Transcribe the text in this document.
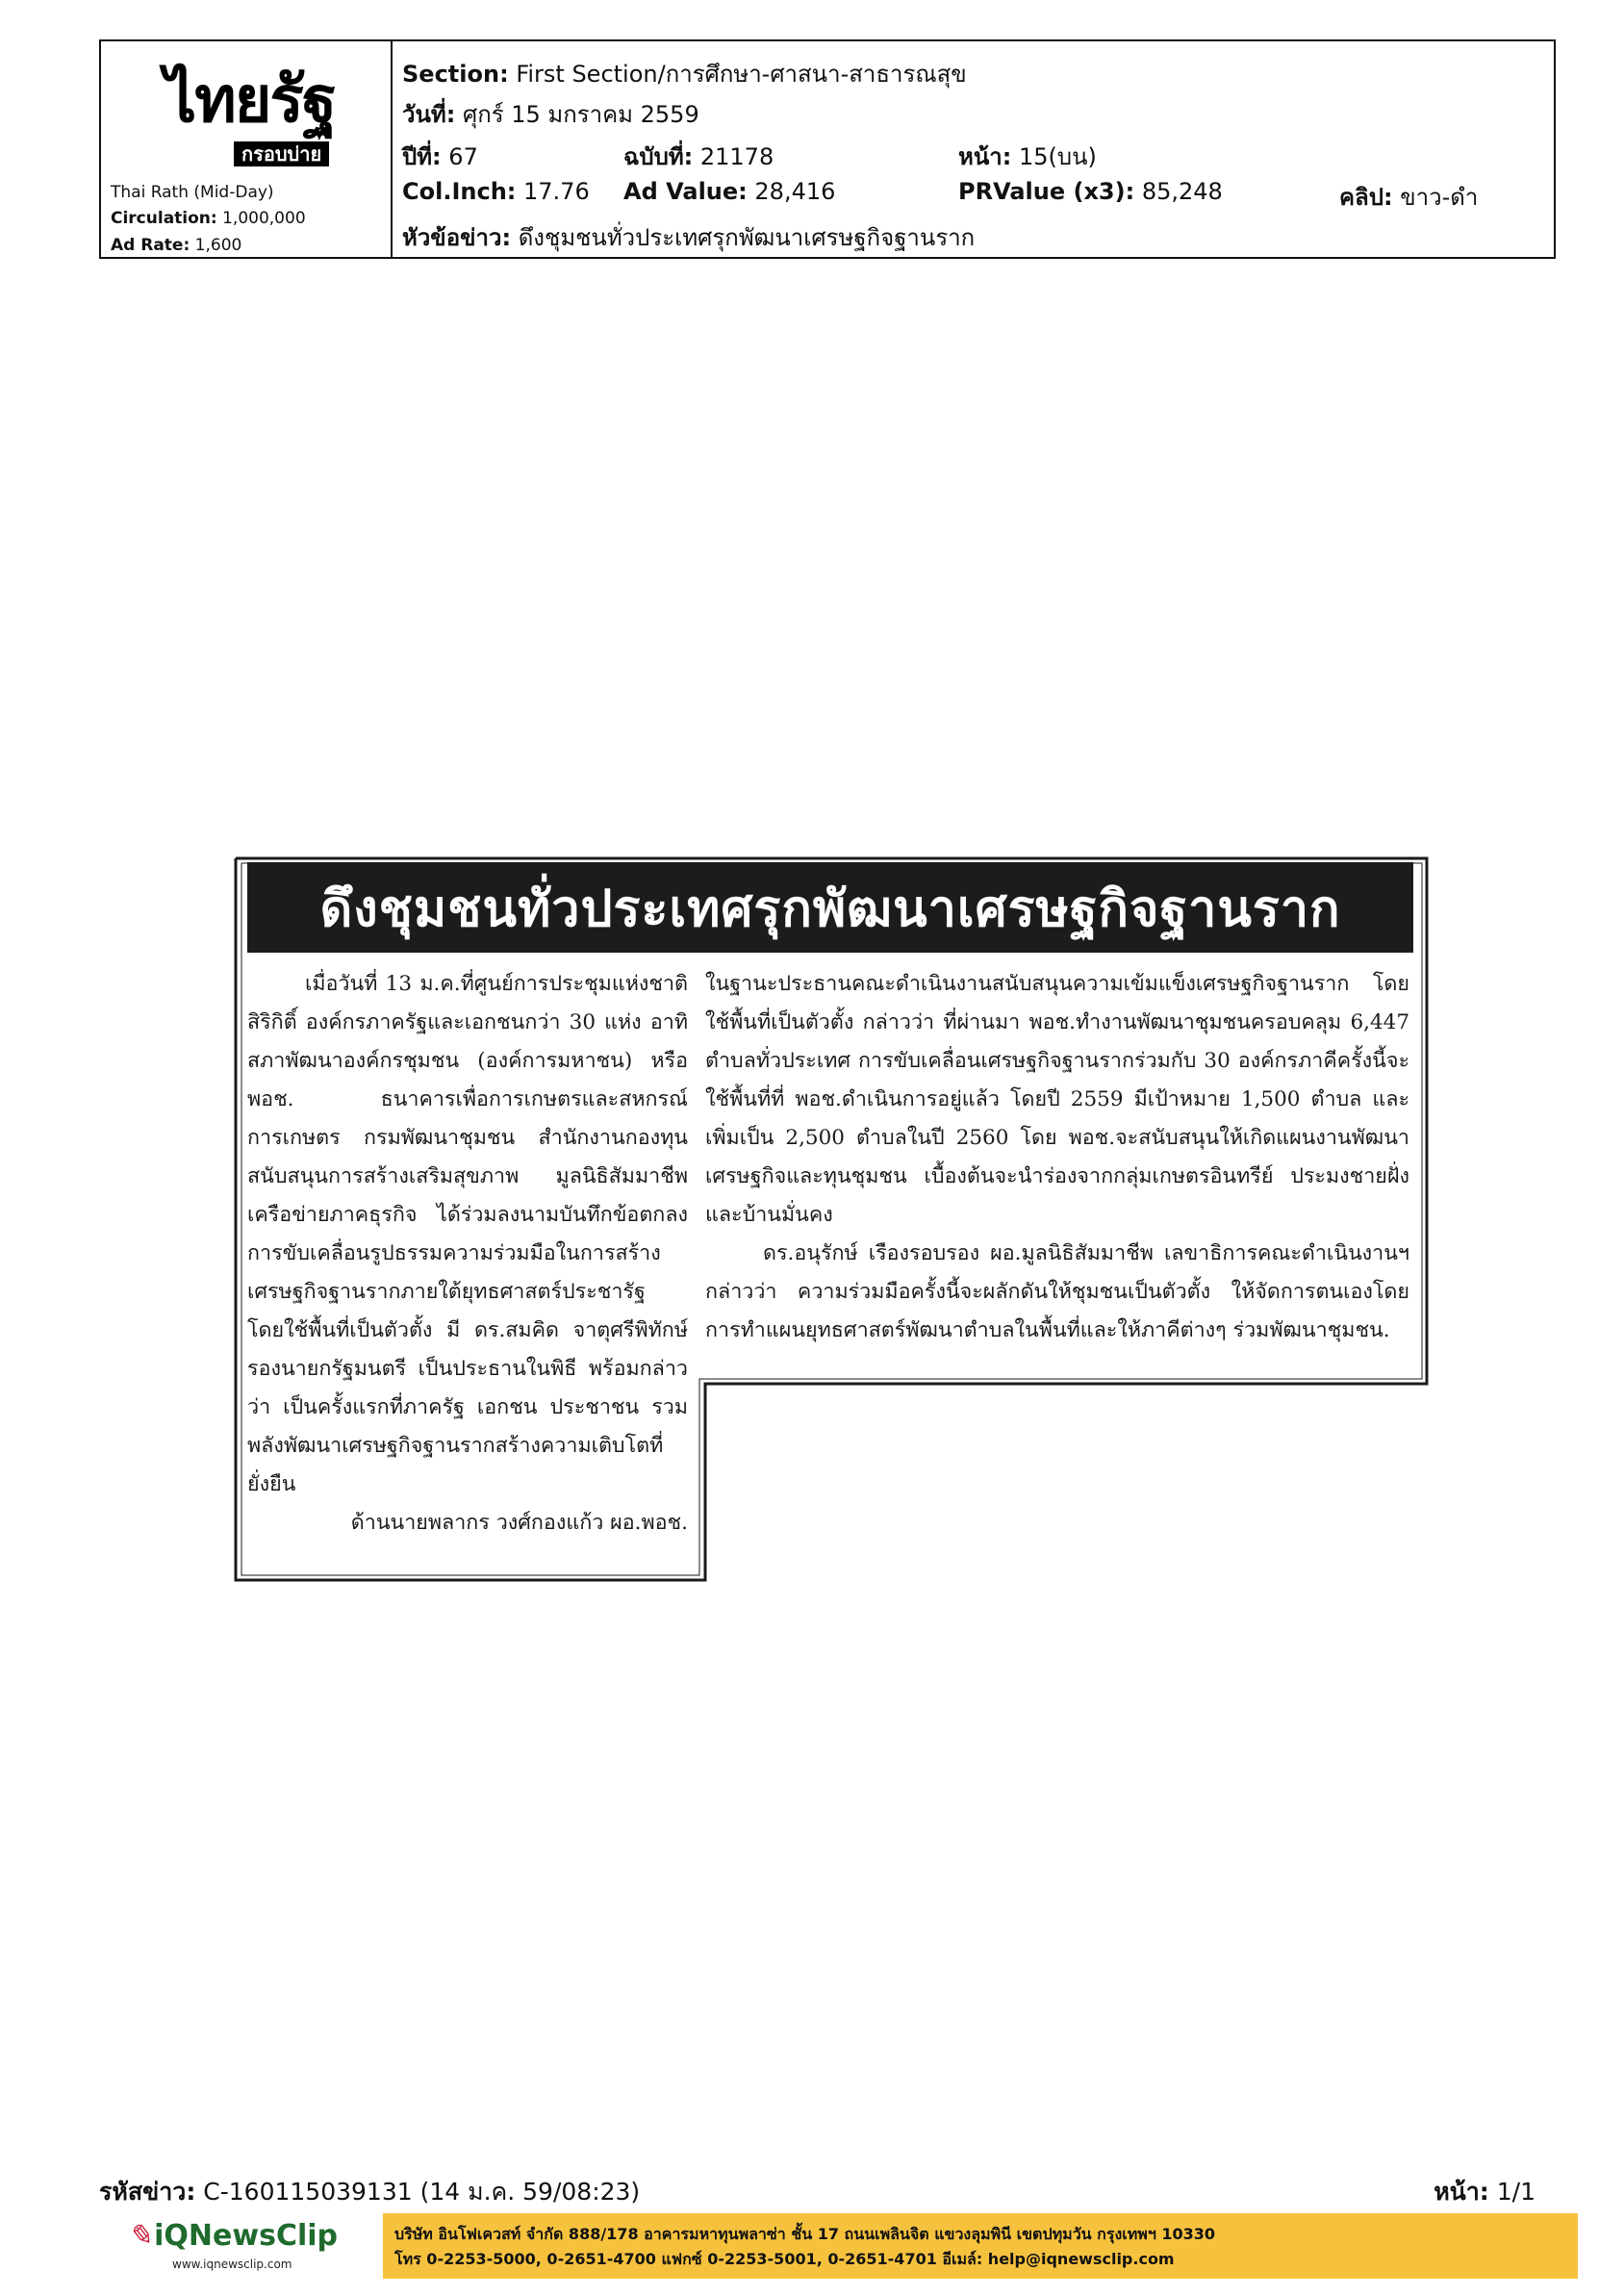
ไทยรัฐ
กรอบบ่าย
Thai Rath (Mid-Day)
Circulation: 1,000,000
Ad Rate: 1,600
Section: First Section/การศึกษา-ศาสนา-สาธารณสุข
วันที่: ศุกร์ 15 มกราคม 2559
ปีที่: 67	ฉบับที่: 21178	หน้า: 15(บน)
Col.Inch: 17.76 Ad Value: 28,416	PRValue (x3): 85,248	คลิป: ขาว-ดำ
หัวข้อข่าว: ดึงชุมชนทั่วประเทศรุกพัฒนาเศรษฐกิจฐานราก
ดึงชุมชนทั่วประเทศรุกพัฒนาเศรษฐกิจฐานราก

เมื่อวันที่ 13 ม.ค.ที่ศูนย์การประชุมแห่งชาติสิริกิติ์ องค์กรภาครัฐและเอกชนกว่า 30 แห่ง อาทิ สภาพัฒนาองค์กรชุมชน (องค์การมหาชน) หรือ พอช. ธนาคารเพื่อการเกษตรและสหกรณ์การเกษตร กรมพัฒนาชุมชน สำนักงานกองทุนสนับสนุนการสร้างเสริมสุขภาพ มูลนิธิสัมมาชีพ เครือข่ายภาคธุรกิจ ได้ร่วมลงนามบันทึกข้อตกลงการขับเคลื่อนรูปธรรมความร่วมมือในการสร้างเศรษฐกิจฐานรากภายใต้ยุทธศาสตร์ประชารัฐ โดยใช้พื้นที่เป็นตัวตั้ง มี ดร.สมคิด จาตุศรีพิทักษ์ รองนายกรัฐมนตรี เป็นประธานในพิธี พร้อมกล่าวว่า เป็นครั้งแรกที่ภาครัฐ เอกชน ประชาชน รวมพลังพัฒนาเศรษฐกิจฐานรากสร้างความเติบโตที่ยั่งยืน

ด้านนายพลากร วงศ์กองแก้ว ผอ.พอช.

ในฐานะประธานคณะดำเนินงานสนับสนุนความเข้มแข็งเศรษฐกิจฐานราก โดยใช้พื้นที่เป็นตัวตั้ง กล่าวว่า ที่ผ่านมา พอช.ทำงานพัฒนาชุมชนครอบคลุม 6,447 ตำบลทั่วประเทศ การขับเคลื่อนเศรษฐกิจฐานรากร่วมกับ 30 องค์กรภาคีครั้งนี้จะใช้พื้นที่ที่ พอช.ดำเนินการอยู่แล้ว โดยปี 2559 มีเป้าหมาย 1,500 ตำบล และเพิ่มเป็น 2,500 ตำบลในปี 2560 โดย พอช.จะสนับสนุนให้เกิดแผนงานพัฒนาเศรษฐกิจและทุนชุมชน เบื้องต้นจะนำร่องจากกลุ่มเกษตรอินทรีย์ ประมงชายฝั่ง และบ้านมั่นคง

ดร.อนุรักษ์ เรืองรอบรอง ผอ.มูลนิธิสัมมาชีพ เลขาธิการคณะดำเนินงานฯ กล่าวว่า ความร่วมมือครั้งนี้จะผลักดันให้ชุมชนเป็นตัวตั้ง ให้จัดการตนเองโดยการทำแผนยุทธศาสตร์พัฒนาตำบลในพื้นที่และให้ภาคีต่างๆ ร่วมพัฒนาชุมชน.

รหัสข่าว: C-160115039131 (14 ม.ค. 59/08:23)	หน้า: 1/1
✎iQNewsClip
www.iqnewsclip.com
บริษัท อินโฟเควสท์ จำกัด 888/178 อาคารมหาทุนพลาซ่า ชั้น 17 ถนนเพลินจิต แขวงลุมพินี เขตปทุมวัน กรุงเทพฯ 10330
โทร 0-2253-5000, 0-2651-4700 แฟกซ์ 0-2253-5001, 0-2651-4701 อีเมล์: help@iqnewsclip.com
